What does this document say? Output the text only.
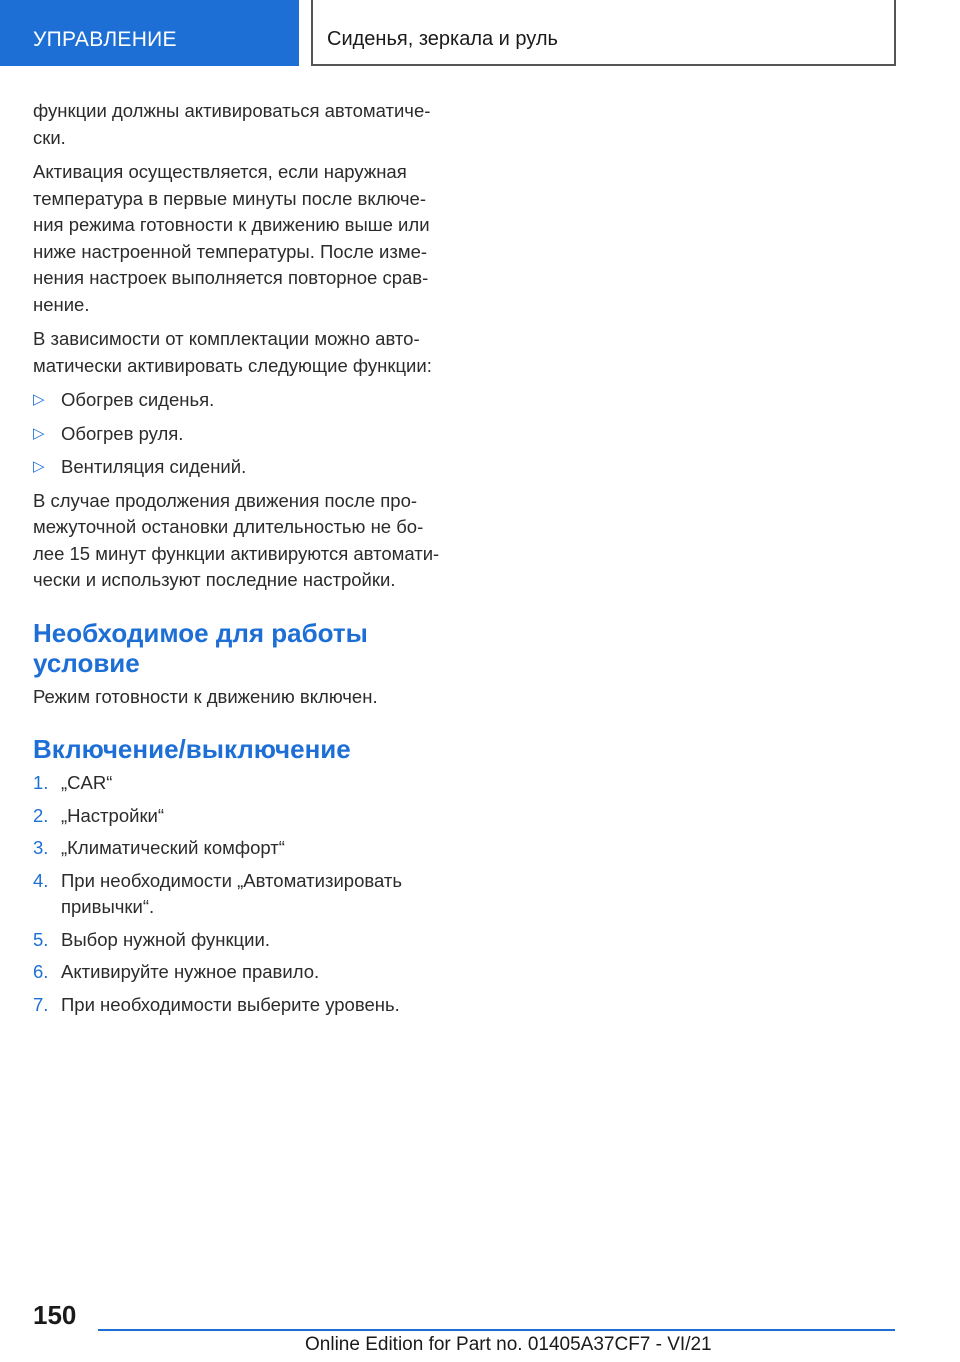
УПРАВЛЕНИЕ	Сиденья, зеркала и руль

функции должны активироваться автоматиче-ски.

Активация осуществляется, если наружная температура в первые минуты после включе-ния режима готовности к движению выше или ниже настроенной температуры. После изме-нения настроек выполняется повторное срав-нение.

В зависимости от комплектации можно авто-матически активировать следующие функции:

▷ Обогрев сиденья.
▷ Обогрев руля.
▷ Вентиляция сидений.

В случае продолжения движения после про-межуточной остановки длительностью не бо-лее 15 минут функции активируются автомати-чески и используют последние настройки.

Необходимое для работы условие

Режим готовности к движению включен.

Включение/выключение
1. „CAR“
2. „Настройки“
3. „Климатический комфорт“
4. При необходимости „Автоматизировать привычки“.
5. Выбор нужной функции.
6. Активируйте нужное правило.
7. При необходимости выберите уровень.
150
Online Edition for Part no. 01405A37CF7 - VI/21
